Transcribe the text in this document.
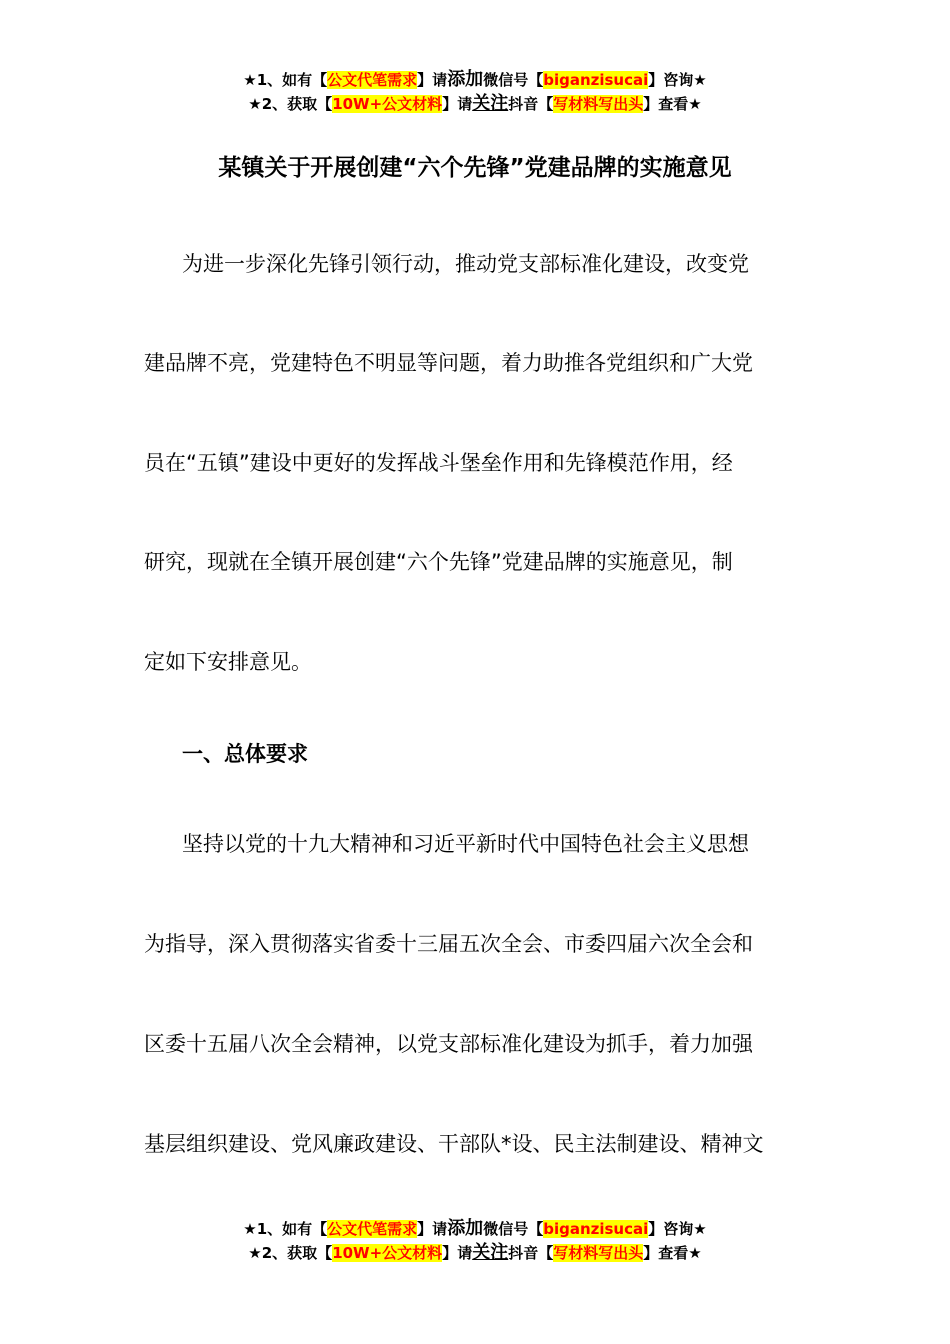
★1、如有【公文代笔需求】请添加微信号【biganzisucai】咨询★
★2、获取【10W+公文材料】请关注抖音【写材料写出头】查看★
某镇关于开展创建“六个先锋”党建品牌的实施意见
为进一步深化先锋引领行动，推动党支部标准化建设，改变党
建品牌不亮，党建特色不明显等问题，着力助推各党组织和广大党
员在“五镇”建设中更好的发挥战斗堡垒作用和先锋模范作用，经
研究，现就在全镇开展创建“六个先锋”党建品牌的实施意见，制
定如下安排意见。
一、总体要求
坚持以党的十九大精神和习近平新时代中国特色社会主义思想
为指导，深入贯彻落实省委十三届五次全会、市委四届六次全会和
区委十五届八次全会精神，以党支部标准化建设为抓手，着力加强
基层组织建设、党风廉政建设、干部队*设、民主法制建设、精神文
★1、如有【公文代笔需求】请添加微信号【biganzisucai】咨询★
★2、获取【10W+公文材料】请关注抖音【写材料写出头】查看★
